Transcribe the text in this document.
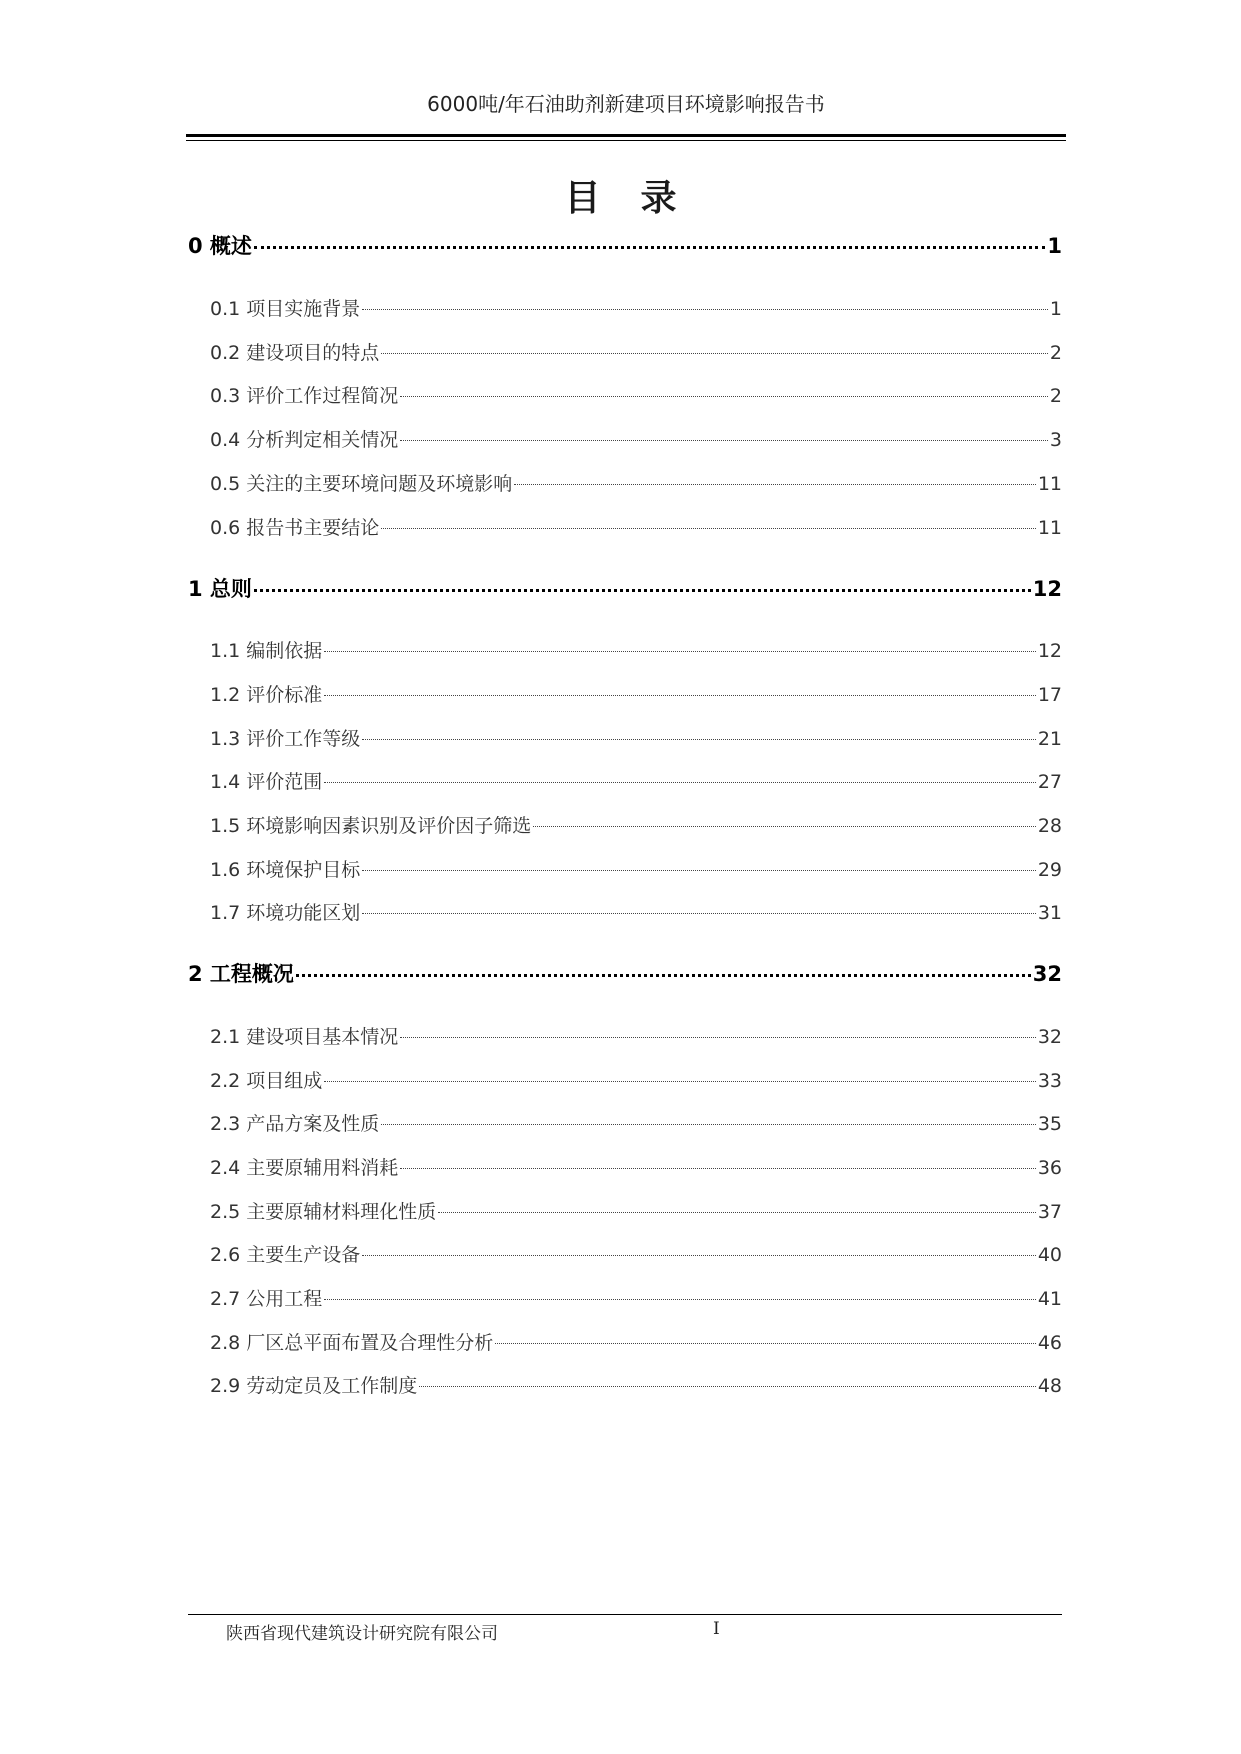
6000吨/年石油助剂新建项目环境影响报告书
目录
0 概述	1
0.1 项目实施背景	1
0.2 建设项目的特点	2
0.3 评价工作过程简况	2
0.4 分析判定相关情况	3
0.5 关注的主要环境问题及环境影响	11
0.6 报告书主要结论	11
1 总则	12
1.1 编制依据	12
1.2 评价标准	17
1.3 评价工作等级	21
1.4 评价范围	27
1.5 环境影响因素识别及评价因子筛选	28
1.6 环境保护目标	29
1.7 环境功能区划	31
2 工程概况	32
2.1 建设项目基本情况	32
2.2 项目组成	33
2.3 产品方案及性质	35
2.4 主要原辅用料消耗	36
2.5 主要原辅材料理化性质	37
2.6 主要生产设备	40
2.7 公用工程	41
2.8 厂区总平面布置及合理性分析	46
2.9 劳动定员及工作制度	48
陕西省现代建筑设计研究院有限公司	I
